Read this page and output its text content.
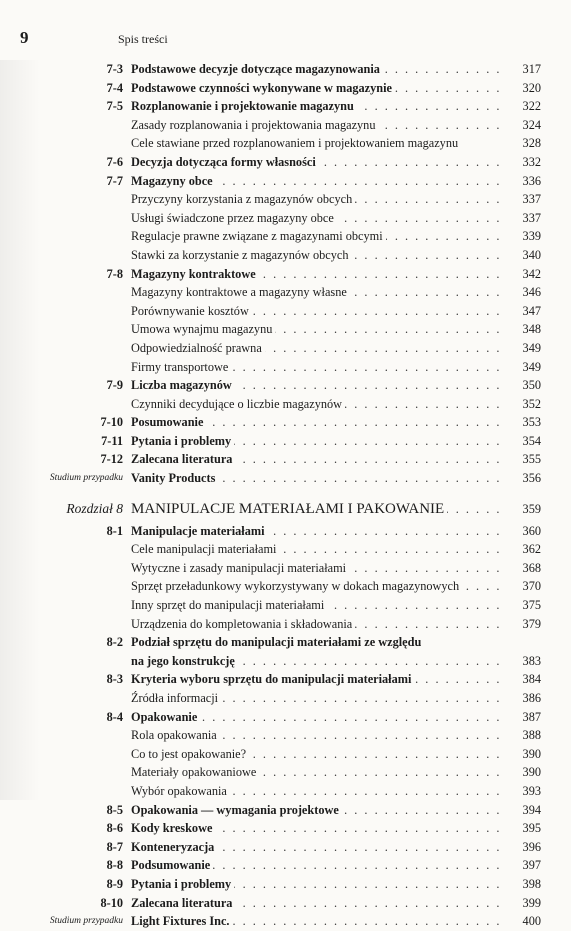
9	Spis treści
7-3 Podstawowe decyzje dotyczące magazynowania . . .	317
7-4 Podstawowe czynności wykonywane w magazynie . . .	320
7-5 Rozplanowanie i projektowanie magazynu . . .	322
Zasady rozplanowania i projektowania magazynu . . .	324
Cele stawiane przed rozplanowaniem i projektowaniem magazynu	328
7-6 Decyzja dotycząca formy własności . . .	332
7-7 Magazyny obce . . .	336
Przyczyny korzystania z magazynów obcych . . .	337
Usługi świadczone przez magazyny obce . . .	337
Regulacje prawne związane z magazynami obcymi . . .	339
Stawki za korzystanie z magazynów obcych . . .	340
7-8 Magazyny kontraktowe . . .	342
Magazyny kontraktowe a magazyny własne . . .	346
Porównywanie kosztów . . .	347
Umowa wynajmu magazynu . . .	348
Odpowiedzialność prawna . . .	349
Firmy transportowe . . .	349
7-9 Liczba magazynów . . .	350
Czynniki decydujące o liczbie magazynów . . .	352
7-10 Posumowanie . . .	353
7-11 Pytania i problemy . . .	354
7-12 Zalecana literatura . . .	355
Studium przypadku Vanity Products . . .	356
Rozdział 8 MANIPULACJE MATERIAŁAMI I PAKOWANIE . . .	359
8-1 Manipulacje materiałami . . .	360
Cele manipulacji materiałami . . .	362
Wytyczne i zasady manipulacji materiałami . . .	368
Sprzęt przeładunkowy wykorzystywany w dokach magazynowych . . .	370
Inny sprzęt do manipulacji materiałami . . .	375
Urządzenia do kompletowania i składowania . . .	379
8-2 Podział sprzętu do manipulacji materiałami ze względu
na jego konstrukcję . . .	383
8-3 Kryteria wyboru sprzętu do manipulacji materiałami . . .	384
Źródła informacji . . .	386
8-4 Opakowanie . . .	387
Rola opakowania . . .	388
Co to jest opakowanie? . . .	390
Materiały opakowaniowe . . .	390
Wybór opakowania . . .	393
8-5 Opakowania — wymagania projektowe . . .	394
8-6 Kody kreskowe . . .	395
8-7 Konteneryzacja . . .	396
8-8 Podsumowanie . . .	397
8-9 Pytania i problemy . . .	398
8-10 Zalecana literatura . . .	399
Studium przypadku Light Fixtures Inc. . . .	400
